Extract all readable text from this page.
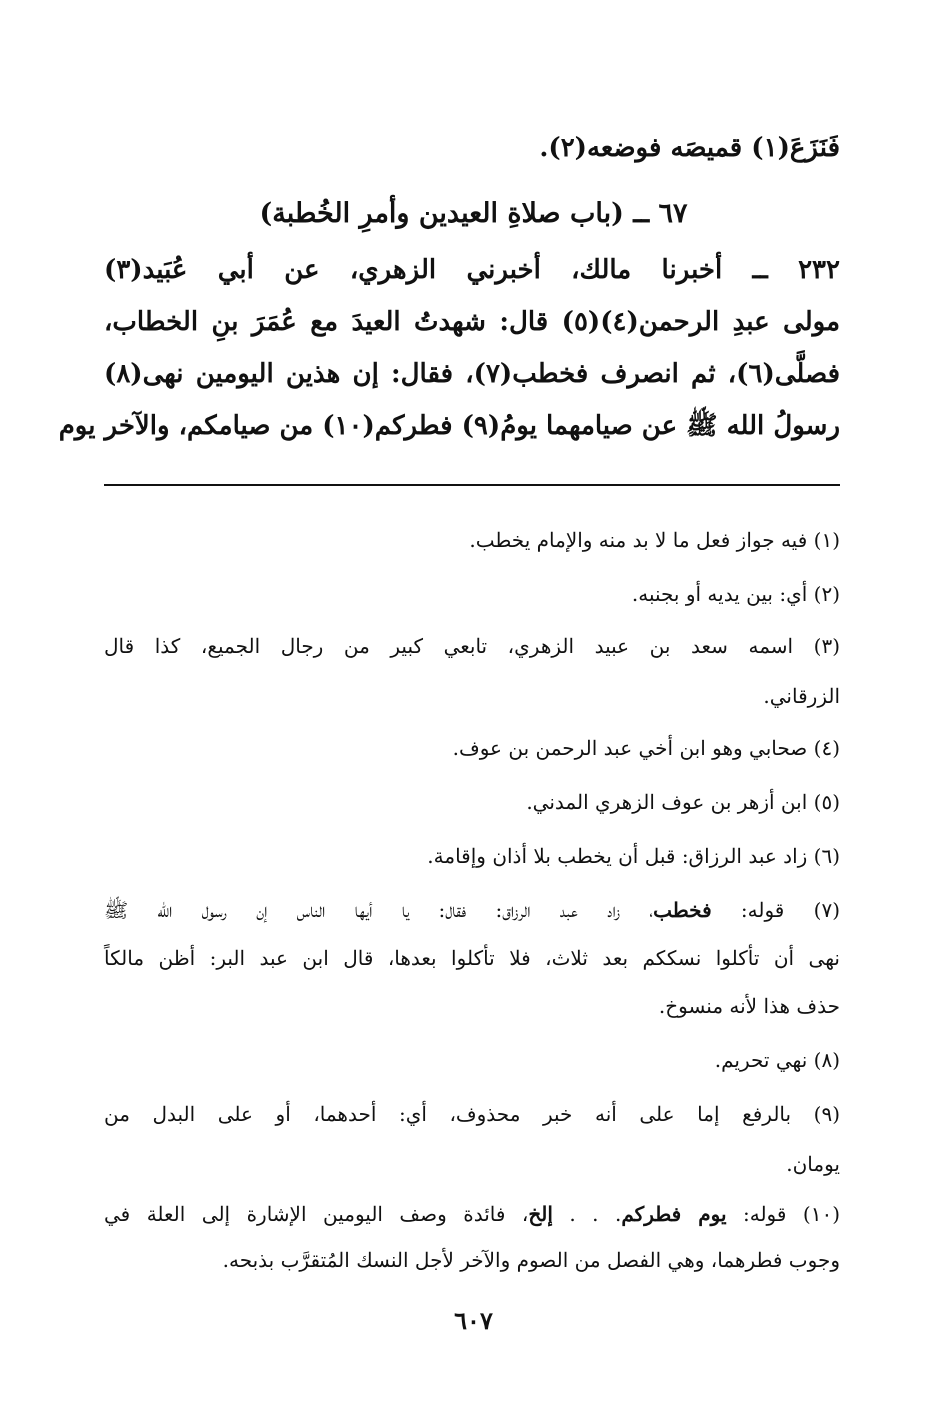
فَنَزَعَ(١) قميصَه فوضعه(٢).
٦٧ ــ (باب صلاةِ العيدين وأمرِ الخُطبة)
٢٣٢ ــ أخبرنا مالك، أخبرني الزهري، عن أبي عُبَيد(٣)
مولى عبدِ الرحمن(٤)(٥) قال: شهدتُ العيدَ مع عُمَرَ بنِ الخطاب،
فصلَّى(٦)، ثم انصرف فخطب(٧)، فقال: إن هذين اليومين نهى(٨)
رسولُ الله ﷺ عن صيامهما يومُ(٩) فطركم(١٠) من صيامكم، والآخر يوم
(١) فيه جواز فعل ما لا بد منه والإمام يخطب.
(٢) أي: بين يديه أو بجنبه.
(٣) اسمه سعد بن عبيد الزهري، تابعي كبير من رجال الجميع، كذا قال
الزرقاني.
(٤) صحابي وهو ابن أخي عبد الرحمن بن عوف.
(٥) ابن أزهر بن عوف الزهري المدني.
(٦) زاد عبد الرزاق: قبل أن يخطب بلا أذان وإقامة.
(٧) قوله: فخطب، زاد عبد الرزاق: فقال: يا أيها الناس إن رسول الله ﷺ
نهى أن تأكلوا نسككم بعد ثلاث، فلا تأكلوا بعدها، قال ابن عبد البر: أظن مالكاً
حذف هذا لأنه منسوخ.
(٨) نهي تحريم.
(٩) بالرفع إما على أنه خبر محذوف، أي: أحدهما، أو على البدل من
يومان.
(١٠) قوله: يوم فطركم. . . إلخ، فائدة وصف اليومين الإشارة إلى العلة في
وجوب فطرهما، وهي الفصل من الصوم والآخر لأجل النسك المُتقرَّب بذبحه.
٦٠٧
